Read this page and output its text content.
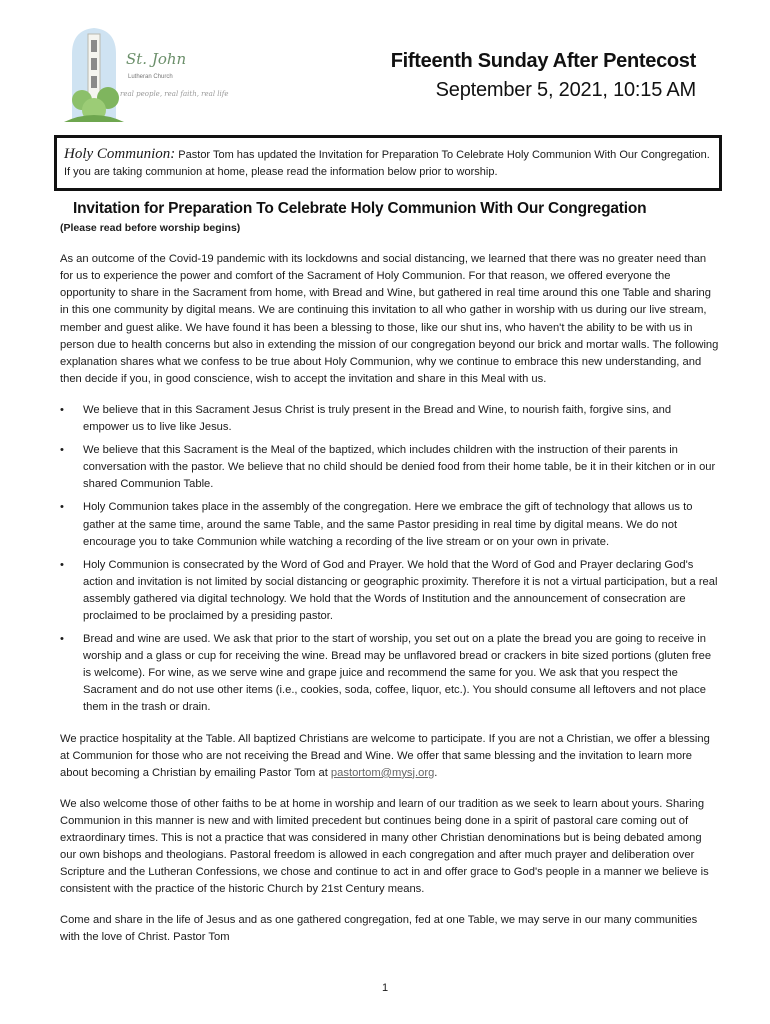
St. John
Lutheran Church
real people, real faith, real life
Fifteenth Sunday After Pentecost
September 5, 2021, 10:15 AM
Holy Communion: Pastor Tom has updated the Invitation for Preparation To Celebrate Holy Communion With Our Congregation. If you are taking communion at home, please read the information below prior to worship.
Invitation for Preparation To Celebrate Holy Communion With Our Congregation
(Please read before worship begins)

As an outcome of the Covid-19 pandemic with its lockdowns and social distancing, we learned that there was no greater need than for us to experience the power and comfort of the Sacrament of Holy Communion. For that reason, we offered everyone the opportunity to share in the Sacrament from home, with Bread and Wine, but gathered in real time around this one Table and sharing in this one community by digital means. We are continuing this invitation to all who gather in worship with us during our live stream, member and guest alike. We have found it has been a blessing to those, like our shut ins, who haven't the ability to be with us in person due to health concerns but also in extending the mission of our congregation beyond our brick and mortar walls. The following explanation shares what we confess to be true about Holy Communion, why we continue to embrace this new understanding, and then decide if you, in good conscience, wish to accept the invitation and share in this Meal with us.

• We believe that in this Sacrament Jesus Christ is truly present in the Bread and Wine, to nourish faith, forgive sins, and empower us to live like Jesus.
• We believe that this Sacrament is the Meal of the baptized, which includes children with the instruction of their parents in conversation with the pastor. We believe that no child should be denied food from their home table, be it in their kitchen or in our shared Communion Table.
• Holy Communion takes place in the assembly of the congregation. Here we embrace the gift of technology that allows us to gather at the same time, around the same Table, and the same Pastor presiding in real time by digital means. We do not encourage you to take Communion while watching a recording of the live stream or on your own in private.
• Holy Communion is consecrated by the Word of God and Prayer. We hold that the Word of God and Prayer declaring God's action and invitation is not limited by social distancing or geographic proximity. Therefore it is not a virtual participation, but a real assembly gathered via digital technology. We hold that the Words of Institution and the announcement of consecration are proclaimed to be proclaimed by a presiding pastor.
• Bread and wine are used. We ask that prior to the start of worship, you set out on a plate the bread you are going to receive in worship and a glass or cup for receiving the wine. Bread may be unflavored bread or crackers in bite sized portions (gluten free is welcome). For wine, as we serve wine and grape juice and recommend the same for you. We ask that you respect the Sacrament and do not use other items (i.e., cookies, soda, coffee, liquor, etc.). You should consume all leftovers and not place them in the trash or drain.

We practice hospitality at the Table. All baptized Christians are welcome to participate. If you are not a Christian, we offer a blessing at Communion for those who are not receiving the Bread and Wine. We offer that same blessing and the invitation to learn more about becoming a Christian by emailing Pastor Tom at pastortom@mysj.org.

We also welcome those of other faiths to be at home in worship and learn of our tradition as we seek to learn about yours. Sharing Communion in this manner is new and with limited precedent but continues being done in a spirit of pastoral care coming out of extraordinary times. This is not a practice that was considered in many other Christian denominations but is being debated among our own bishops and theologians. Pastoral freedom is allowed in each congregation and after much prayer and deliberation over Scripture and the Lutheran Confessions, we chose and continue to act in and offer grace to God's people in a manner we believe is consistent with the practice of the historic Church by 21st Century means.

Come and share in the life of Jesus and as one gathered congregation, fed at one Table, we may serve in our many communities with the love of Christ. Pastor Tom

1
